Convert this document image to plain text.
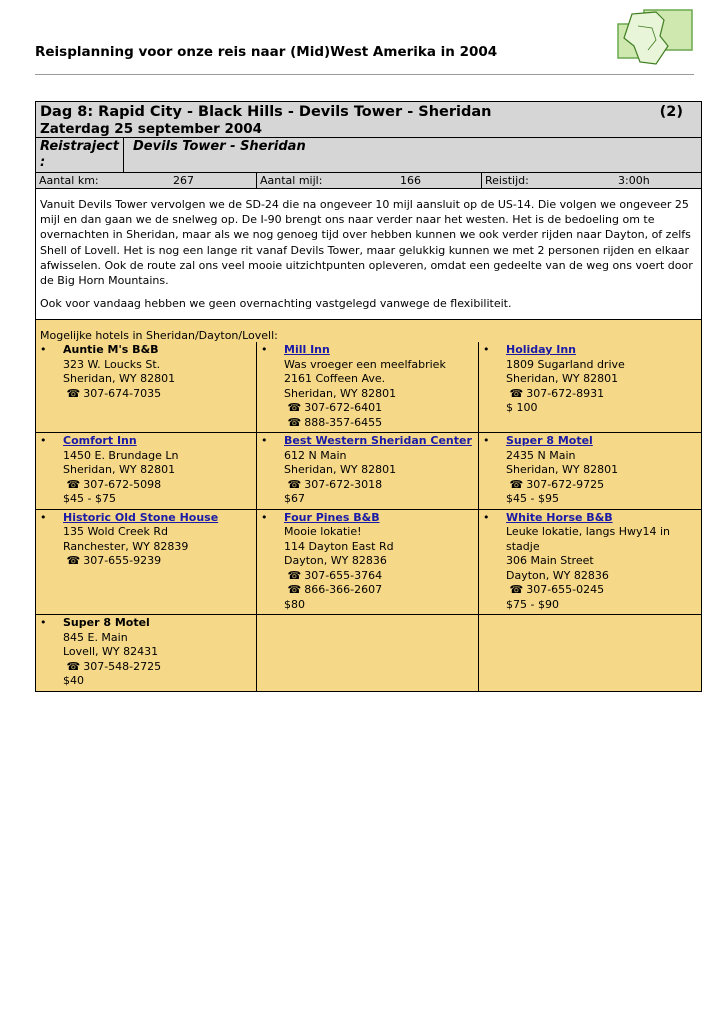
Reisplanning voor onze reis naar (Mid)West Amerika in 2004
Dag 8: Rapid City - Black Hills - Devils Tower - Sheridan	(2)
Zaterdag 25 september 2004
Reistraject :
Devils Tower - Sheridan
Aantal km:	267	Aantal mijl:	166	Reistijd:	3:00h

Vanuit Devils Tower vervolgen we de SD-24 die na ongeveer 10 mijl aansluit op de US-14. Die volgen we ongeveer 25 mijl en dan gaan we de snelweg op. De I-90 brengt ons naar verder naar het westen. Het is de bedoeling om te overnachten in Sheridan, maar als we nog genoeg tijd over hebben kunnen we ook verder rijden naar Dayton, of zelfs Shell of Lovell. Het is nog een lange rit vanaf Devils Tower, maar gelukkig kunnen we met 2 personen rijden en elkaar afwisselen. Ook de route zal ons veel mooie uitzichtpunten opleveren, omdat een gedeelte van de weg ons voert door de Big Horn Mountains.

Ook voor vandaag hebben we geen overnachting vastgelegd vanwege de flexibiliteit.

Mogelijke hotels in Sheridan/Dayton/Lovell:
•	Auntie M's B&B
323 W. Loucks St.
Sheridan, WY 82801
☎ 307-674-7035
•	Mill Inn
Was vroeger een meelfabriek
2161 Coffeen Ave.
Sheridan, WY 82801
☎ 307-672-6401
☎ 888-357-6455
•	Holiday Inn
1809 Sugarland drive
Sheridan, WY 82801
☎ 307-672-8931
$ 100
•	Comfort Inn
1450 E. Brundage Ln
Sheridan, WY 82801
☎ 307-672-5098
$45 - $75
•	Best Western Sheridan Center
612 N Main
Sheridan, WY 82801
☎ 307-672-3018
$67
•	Super 8 Motel
2435 N Main
Sheridan, WY 82801
☎ 307-672-9725
$45 - $95
•	Historic Old Stone House
135 Wold Creek Rd
Ranchester, WY 82839
☎ 307-655-9239
•	Four Pines B&B
Mooie lokatie!
114 Dayton East Rd
Dayton, WY 82836
☎ 307-655-3764
☎ 866-366-2607
$80
•	White Horse B&B
Leuke lokatie, langs Hwy14 in
stadje
306 Main Street
Dayton, WY 82836
☎ 307-655-0245
$75 - $90
•	Super 8 Motel
845 E. Main
Lovell, WY 82431
☎ 307-548-2725
$40
